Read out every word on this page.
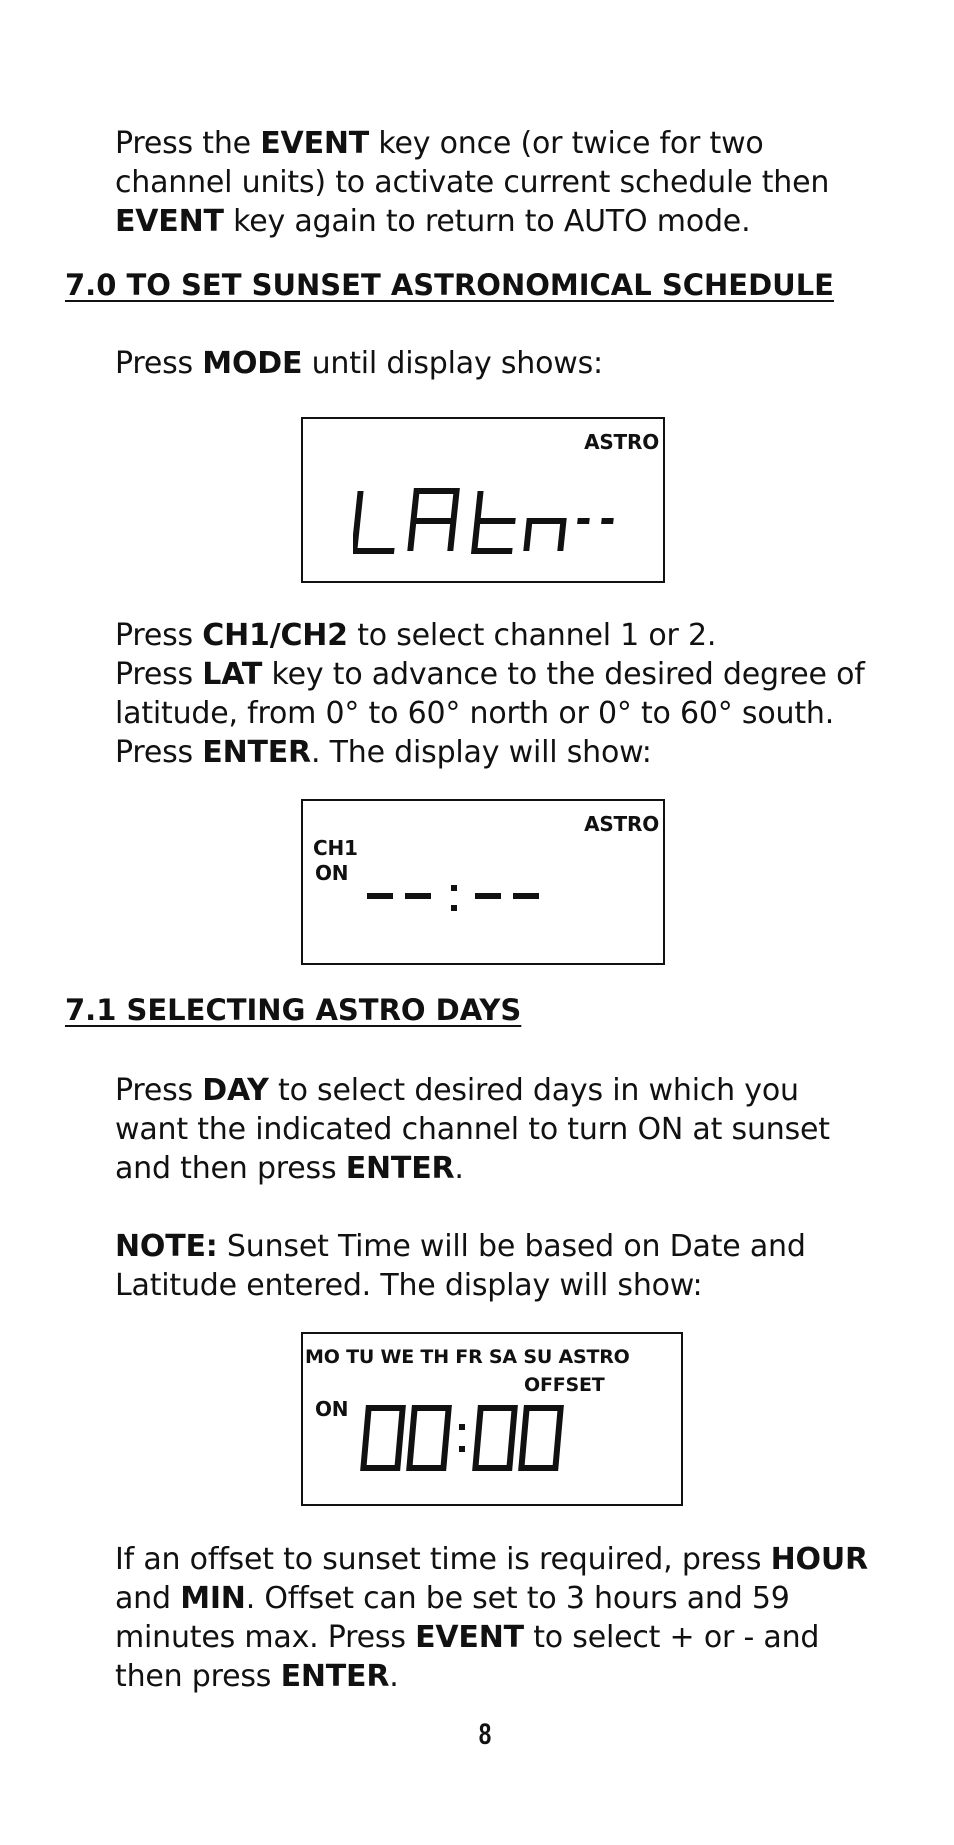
Press the EVENT key once (or twice for two channel units) to activate current schedule then EVENT key again to return to AUTO mode.

7.0 TO SET SUNSET ASTRONOMICAL SCHEDULE

Press MODE until display shows:

ASTRO

Press CH1/CH2 to select channel 1 or 2.

Press LAT key to advance to the desired degree of latitude, from 0° to 60° north or 0° to 60° south.

Press ENTER. The display will show:

ASTRO
CH1
ON
7.1 SELECTING ASTRO DAYS

Press DAY to select desired days in which you want the indicated channel to turn ON at sunset and then press ENTER.

NOTE: Sunset Time will be based on Date and Latitude entered. The display will show:

MO TU WE TH FR SA SU ASTRO
OFFSET
ON

If an offset to sunset time is required, press HOUR and MIN. Offset can be set to 3 hours and 59 minutes max. Press EVENT to select + or - and then press ENTER.

8
